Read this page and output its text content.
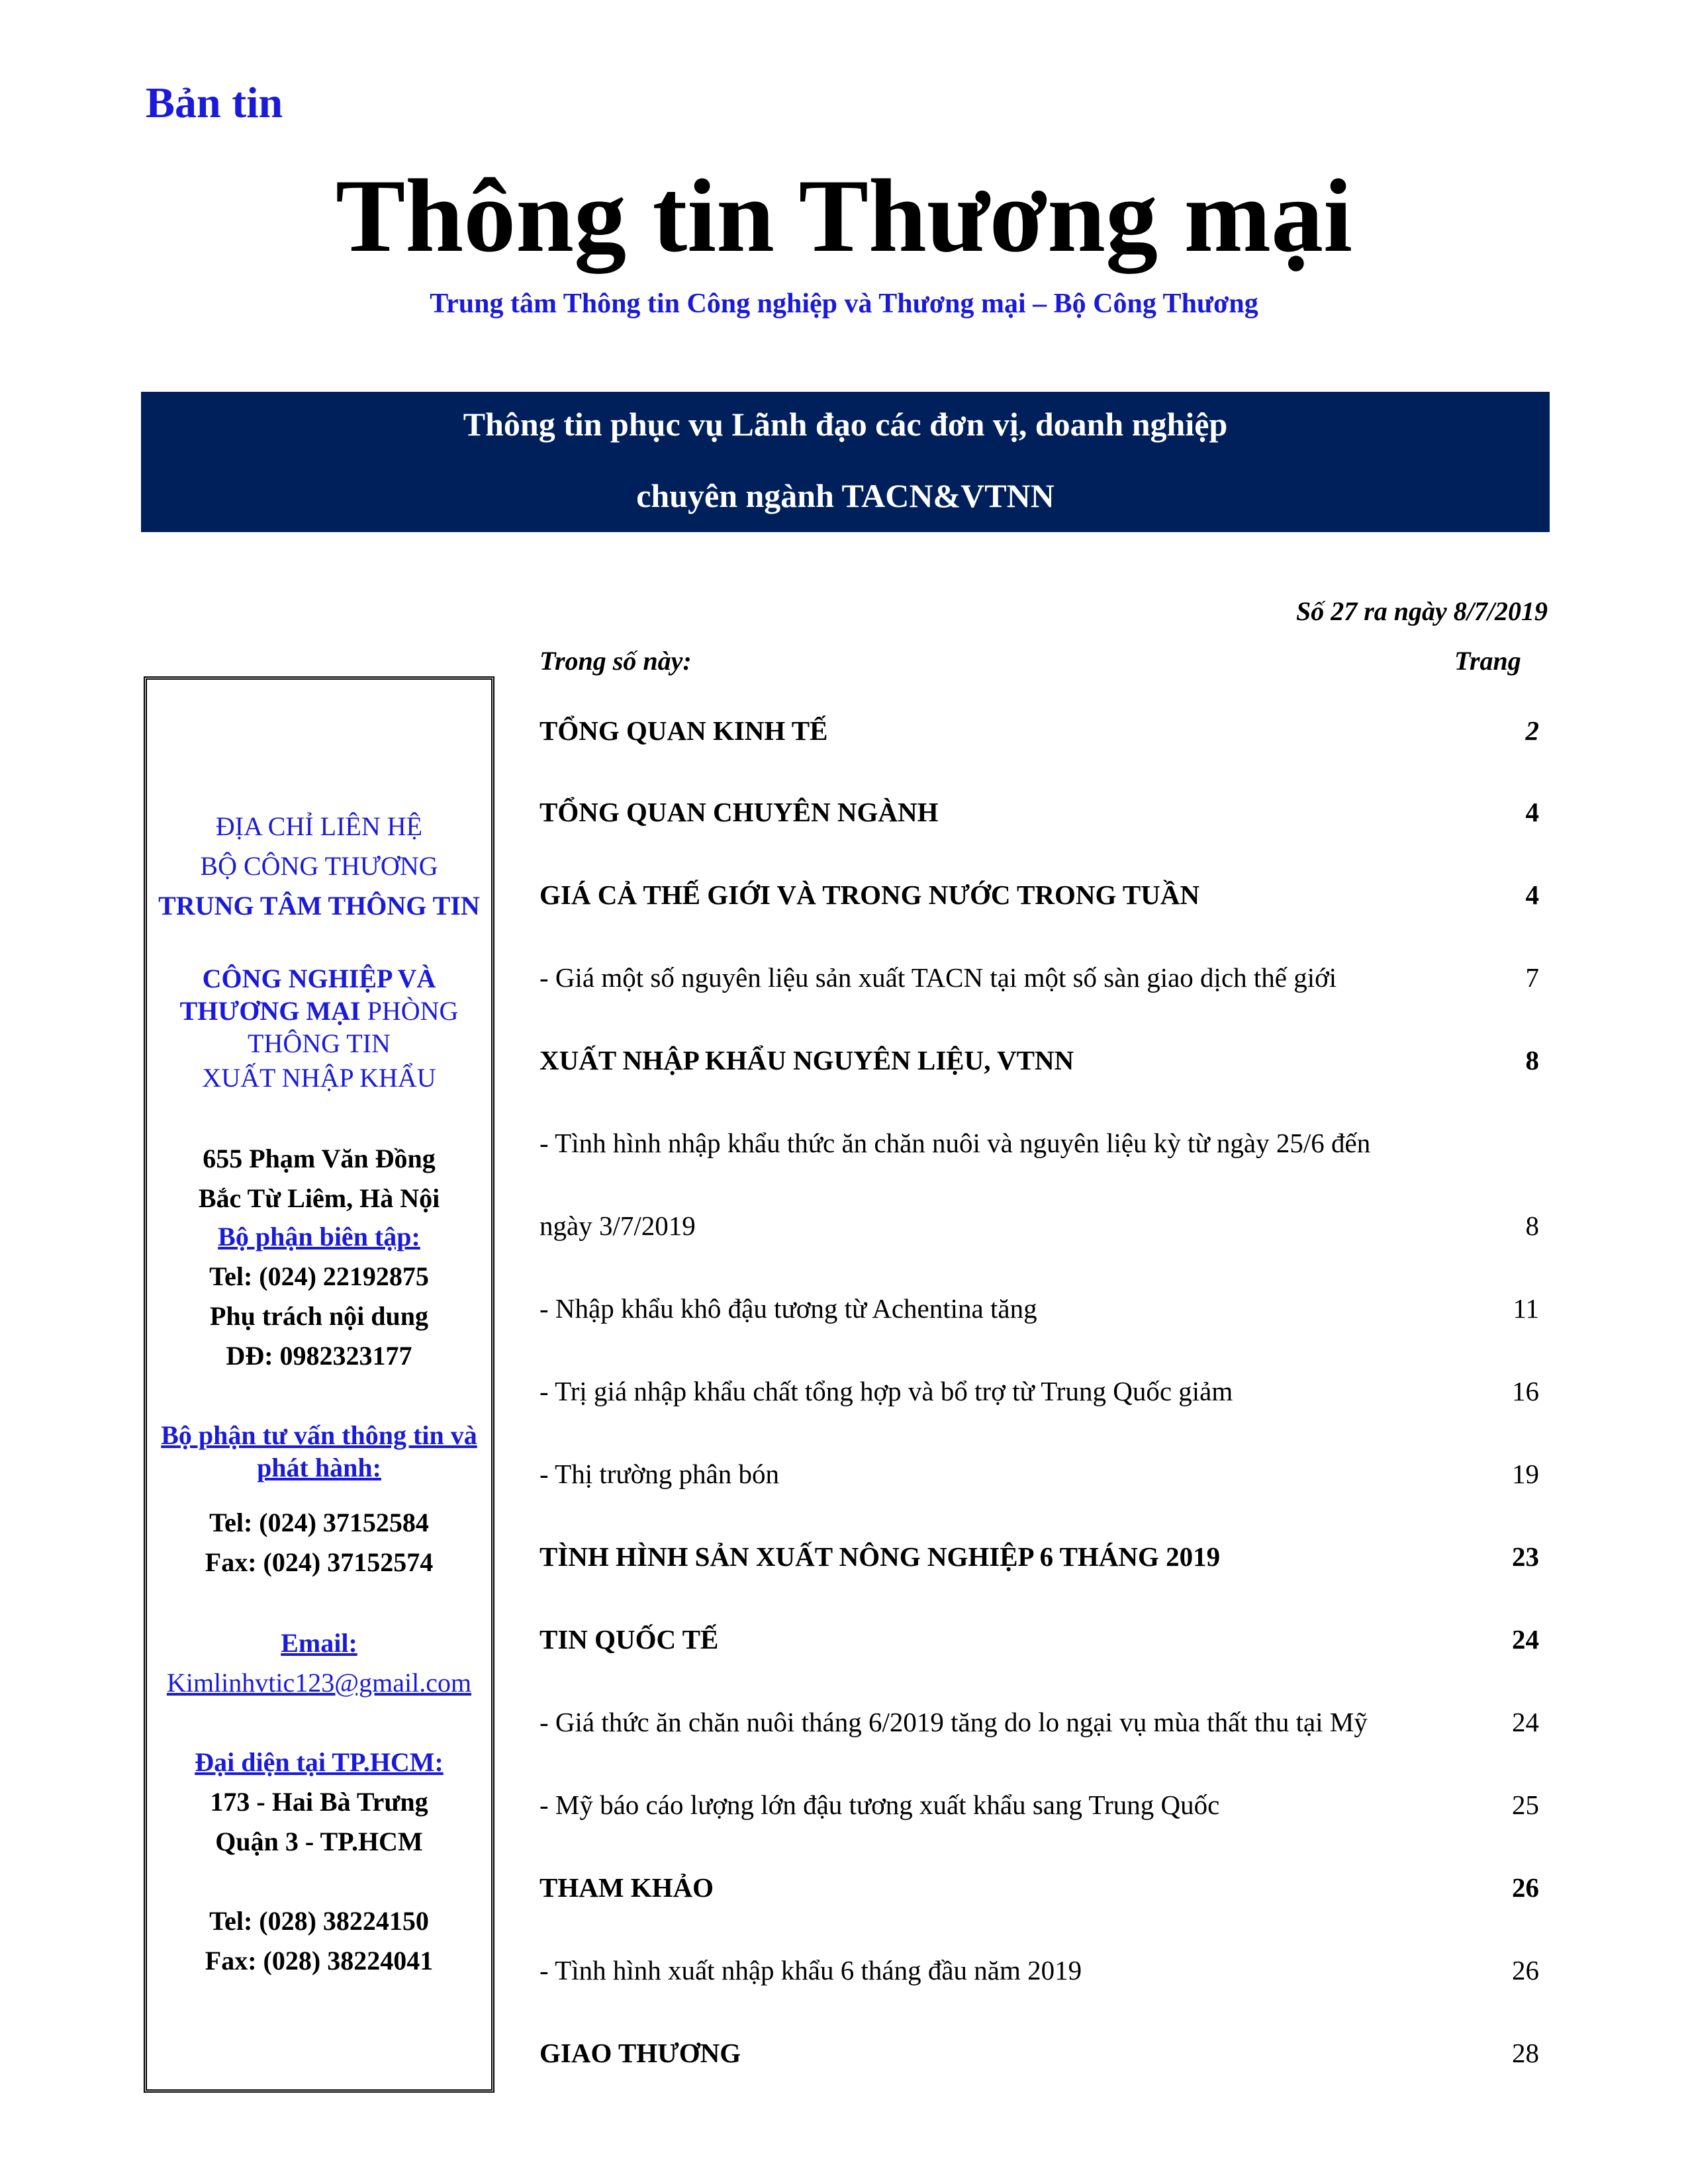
Bản tin
Thông tin Thương mại
Trung tâm Thông tin Công nghiệp và Thương mại – Bộ Công Thương
Thông tin phục vụ Lãnh đạo các đơn vị, doanh nghiệp
chuyên ngành TACN&VTNN
Số 27 ra ngày 8/7/2019
Trong số này:	Trang
ĐỊA CHỈ LIÊN HỆ
BỘ CÔNG THƯƠNG
TRUNG TÂM THÔNG TIN
CÔNG NGHIỆP VÀ THƯƠNG MẠI PHÒNG THÔNG TIN
XUẤT NHẬP KHẨU
655 Phạm Văn Đồng
Bắc Từ Liêm, Hà Nội
Bộ phận biên tập:
Tel: (024) 22192875
Phụ trách nội dung
DĐ: 0982323177
Bộ phận tư vấn thông tin và phát hành:
Tel: (024) 37152584
Fax: (024) 37152574
Email:
Kimlinhvtic123@gmail.com
Đại diện tại TP.HCM:
173 - Hai Bà Trưng
Quận 3 - TP.HCM
Tel: (028) 38224150
Fax: (028) 38224041
TỔNG QUAN KINH TẾ	2
TỔNG QUAN CHUYÊN NGÀNH	4
GIÁ CẢ THẾ GIỚI VÀ TRONG NƯỚC TRONG TUẦN	4
- Giá một số nguyên liệu sản xuất TACN tại một số sàn giao dịch thế giới	7
XUẤT NHẬP KHẨU NGUYÊN LIỆU, VTNN	8
- Tình hình nhập khẩu thức ăn chăn nuôi và nguyên liệu kỳ từ ngày 25/6 đến
ngày 3/7/2019	8
- Nhập khẩu khô đậu tương từ Achentina tăng	11
- Trị giá nhập khẩu chất tổng hợp và bổ trợ từ Trung Quốc giảm	16
- Thị trường phân bón	19
TÌNH HÌNH SẢN XUẤT NÔNG NGHIỆP 6 THÁNG 2019	23
TIN QUỐC TẾ	24
- Giá thức ăn chăn nuôi tháng 6/2019 tăng do lo ngại vụ mùa thất thu tại Mỹ	24
- Mỹ báo cáo lượng lớn đậu tương xuất khẩu sang Trung Quốc	25
THAM KHẢO	26
- Tình hình xuất nhập khẩu 6 tháng đầu năm 2019	26
GIAO THƯƠNG	28
